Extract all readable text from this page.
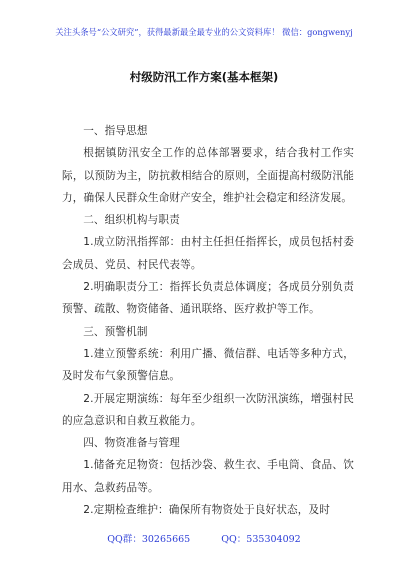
关注头条号“公文研究”，获得最新最全最专业的公文资料库！ 微信：gongwenyj
村级防汛工作方案(基本框架)

一、指导思想

根据镇防汛安全工作的总体部署要求，结合我村工作实际，以预防为主，防抗救相结合的原则，全面提高村级防汛能力，确保人民群众生命财产安全，维护社会稳定和经济发展。

二、组织机构与职责

1.成立防汛指挥部：由村主任担任指挥长，成员包括村委会成员、党员、村民代表等。

2.明确职责分工：指挥长负责总体调度；各成员分别负责预警、疏散、物资储备、通讯联络、医疗救护等工作。

三、预警机制

1.建立预警系统：利用广播、微信群、电话等多种方式，及时发布气象预警信息。

2.开展定期演练：每年至少组织一次防汛演练，增强村民的应急意识和自救互救能力。

四、物资准备与管理

1.储备充足物资：包括沙袋、救生衣、手电筒、食品、饮用水、急救药品等。

2.定期检查维护：确保所有物资处于良好状态，及时

QQ群：30265665	QQ：535304092
